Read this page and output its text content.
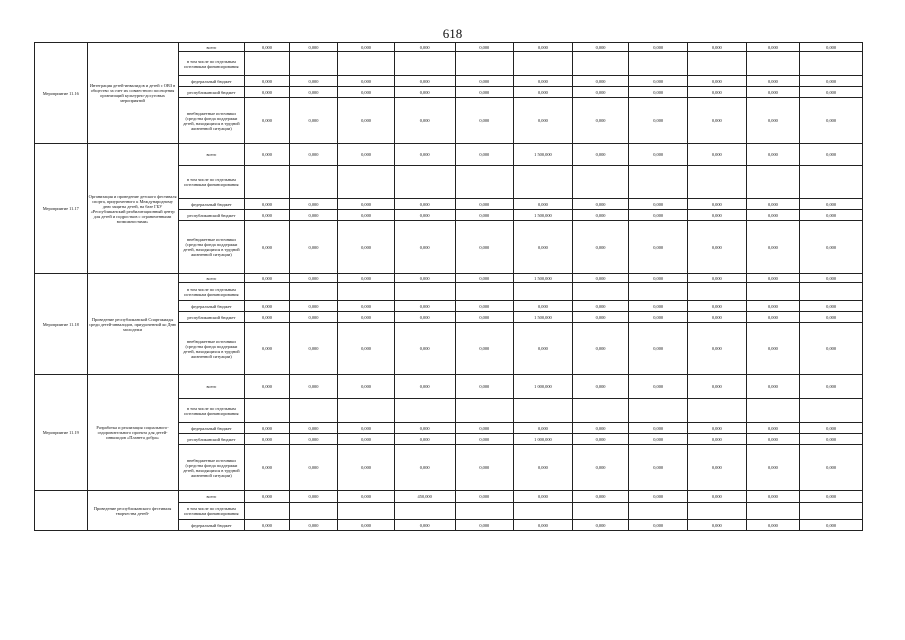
618
Мероприятие 11.16	Интеграция детей-инвалидов и детей с ОВЗ в общество за счет их совместного посещения организаций культурно-досуговых мероприятий	всего	0,000	0,000	0,000	0,000	0,000	0,000	0,000	0,000	0,000	0,000	0,000
		в том числе по отдельным источникам финансирования											
		федеральный бюджет	0,000	0,000	0,000	0,000	0,000	0,000	0,000	0,000	0,000	0,000	0,000
		республиканский бюджет	0,000	0,000	0,000	0,000	0,000	0,000	0,000	0,000	0,000	0,000	0,000
		внебюджетные источники (средства фонда поддержки детей, находящихся в трудной жизненной ситуации)	0,000	0,000	0,000	0,000	0,000	0,000	0,000	0,000	0,000	0,000	0,000
Мероприятие 11.17	Организация и проведение детского фестиваля спорта, приуроченного к Международному дню защиты детей, на базе ГБУ «Республиканский реабилитационный центр для детей и подростков с ограниченными возможностями»	всего	0,000	0,000	0,000	0,000	0,000	1 500,000	0,000	0,000	0,000	0,000	0,000
		в том числе по отдельным источникам финансирования											
		федеральный бюджет	0,000	0,000	0,000	0,000	0,000	0,000	0,000	0,000	0,000	0,000	0,000
		республиканский бюджет	0,000	0,000	0,000	0,000	0,000	1 500,000	0,000	0,000	0,000	0,000	0,000
		внебюджетные источники (средства фонда поддержки детей, находящихся в трудной жизненной ситуации)	0,000	0,000	0,000	0,000	0,000	0,000	0,000	0,000	0,000	0,000	0,000
Мероприятие 11.18	Проведение республиканской Спартакиады среди детей-инвалидов, приуроченной ко Дню молодежи	всего	0,000	0,000	0,000	0,000	0,000	1 500,000	0,000	0,000	0,000	0,000	0,000
		в том числе по отдельным источникам финансирования											
		федеральный бюджет	0,000	0,000	0,000	0,000	0,000	0,000	0,000	0,000	0,000	0,000	0,000
		республиканский бюджет	0,000	0,000	0,000	0,000	0,000	1 500,000	0,000	0,000	0,000	0,000	0,000
		внебюджетные источники (средства фонда поддержки детей, находящихся в трудной жизненной ситуации)	0,000	0,000	0,000	0,000	0,000	0,000	0,000	0,000	0,000	0,000	0,000
Мероприятие 11.19	Разработка и реализация социального-оздоровительного проекта для детей-инвалидов «Планета добра»	всего	0,000	0,000	0,000	0,000	0,000	1 000,000	0,000	0,000	0,000	0,000	0,000
		в том числе по отдельным источникам финансирования											
		федеральный бюджет	0,000	0,000	0,000	0,000	0,000	0,000	0,000	0,000	0,000	0,000	0,000
		республиканский бюджет	0,000	0,000	0,000	0,000	0,000	1 000,000	0,000	0,000	0,000	0,000	0,000
		внебюджетные источники (средства фонда поддержки детей, находящихся в трудной жизненной ситуации)	0,000	0,000	0,000	0,000	0,000	0,000	0,000	0,000	0,000	0,000	0,000
	Проведение республиканского фестиваля творчества детей-	всего	0,000	0,000	0,000	450,000	0,000	0,000	0,000	0,000	0,000	0,000	0,000
		в том числе по отдельным источникам финансирования											
		федеральный бюджет	0,000	0,000	0,000	0,000	0,000	0,000	0,000	0,000	0,000	0,000	0,000
